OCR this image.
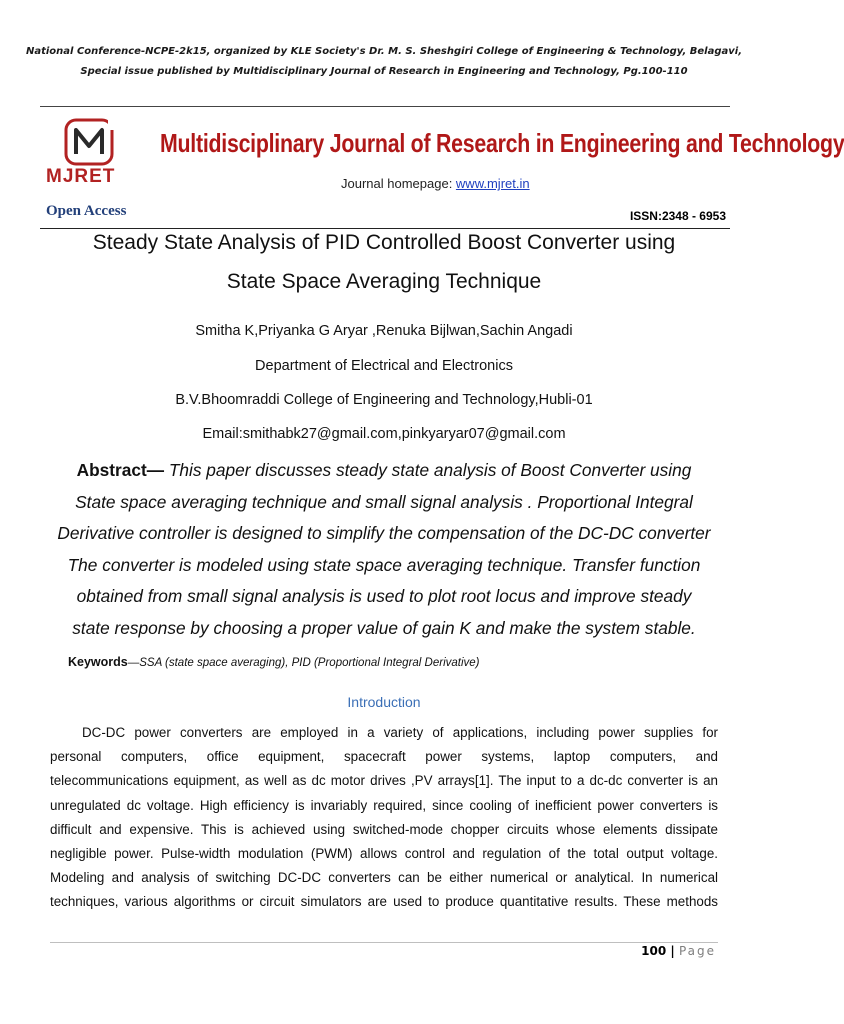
National Conference-NCPE-2k15, organized by KLE Society's Dr. M. S. Sheshgiri College of Engineering & Technology, Belagavi,
Special issue published by Multidisciplinary Journal of Research in Engineering and Technology, Pg.100-110
MJRET
Open Access
Multidisciplinary Journal of Research in Engineering and Technology
Journal homepage: www.mjret.in
ISSN:2348 - 6953
Steady State Analysis of PID Controlled Boost Converter using
State Space Averaging Technique
Smitha K,Priyanka G Aryar ,Renuka Bijlwan,Sachin Angadi
Department of Electrical and Electronics
B.V.Bhoomraddi College of Engineering and Technology,Hubli-01
Email:smithabk27@gmail.com,pinkyaryar07@gmail.com
Abstract— This paper discusses steady state analysis of Boost Converter using
State space averaging technique and small signal analysis . Proportional Integral
Derivative controller is designed to simplify the compensation of the DC-DC converter
The converter is modeled using state space averaging technique. Transfer function
obtained from small signal analysis is used to plot root locus and improve steady
state response by choosing a proper value of gain K and make the system stable.
Keywords—SSA (state space averaging), PID (Proportional Integral Derivative)
Introduction
DC-DC power converters are employed in a variety of applications, including power supplies for
personal computers, office equipment, spacecraft power systems, laptop computers, and
telecommunications equipment, as well as dc motor drives ,PV arrays[1]. The input to a dc-dc converter is an
unregulated dc voltage. High efficiency is invariably required, since cooling of inefficient power converters is
difficult and expensive. This is achieved using switched-mode chopper circuits whose elements dissipate
negligible power. Pulse-width modulation (PWM) allows control and regulation of the total output voltage.
Modeling and analysis of switching DC-DC converters can be either numerical or analytical. In numerical
techniques, various algorithms or circuit simulators are used to produce quantitative results. These methods
100 | Page
